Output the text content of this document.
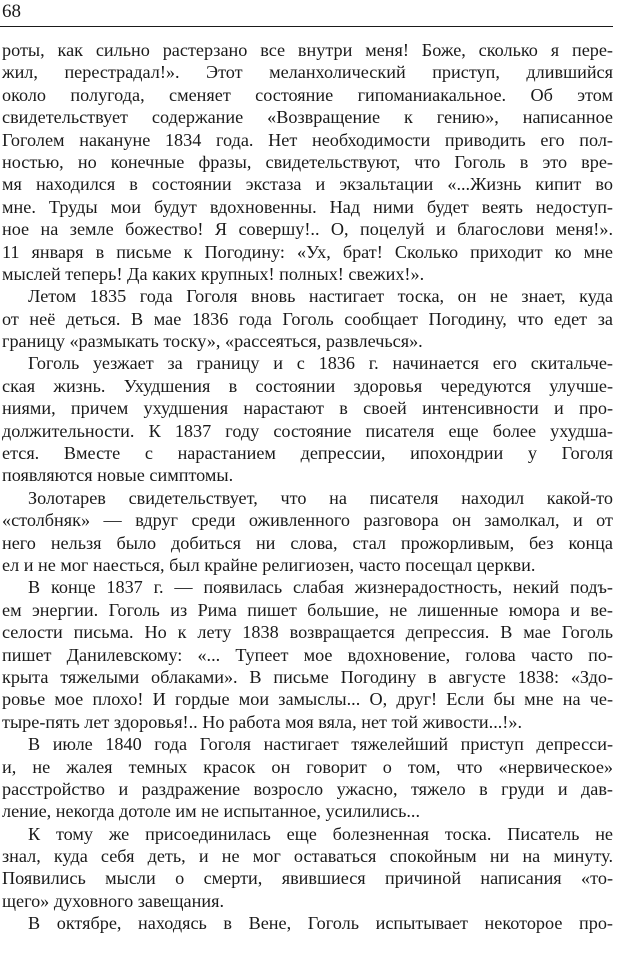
68
роты, как сильно растерзано все внутри меня! Боже, сколько я пере-
жил, перестрадал!». Этот меланхолический приступ, длившийся
около полугода, сменяет состояние гипоманиакальное. Об этом
свидетельствует содержание «Возвращение к гению», написанное
Гоголем накануне 1834 года. Нет необходимости приводить его пол-
ностью, но конечные фразы, свидетельствуют, что Гоголь в это вре-
мя находился в состоянии экстаза и экзальтации «...Жизнь кипит во
мне. Труды мои будут вдохновенны. Над ними будет веять недоступ-
ное на земле божество! Я совершу!.. О, поцелуй и благослови меня!».
11 января в письме к Погодину: «Ух, брат! Сколько приходит ко мне
мыслей теперь! Да каких крупных! полных! свежих!».
Летом 1835 года Гоголя вновь настигает тоска, он не знает, куда
от неё деться. В мае 1836 года Гоголь сообщает Погодину, что едет за
границу «размыкать тоску», «рассеяться, развлечься».
Гоголь уезжает за границу и с 1836 г. начинается его скитальче-
ская жизнь. Ухудшения в состоянии здоровья чередуются улучше-
ниями, причем ухудшения нарастают в своей интенсивности и про-
должительности. К 1837 году состояние писателя еще более ухудша-
ется. Вместе с нарастанием депрессии, ипохондрии у Гоголя
появляются новые симптомы.
Золотарев свидетельствует, что на писателя находил какой-то
«столбняк» — вдруг среди оживленного разговора он замолкал, и от
него нельзя было добиться ни слова, стал прожорливым, без конца
ел и не мог наесться, был крайне религиозен, часто посещал церкви.
В конце 1837 г. — появилась слабая жизнерадостность, некий подъ-
ем энергии. Гоголь из Рима пишет большие, не лишенные юмора и ве-
селости письма. Но к лету 1838 возвращается депрессия. В мае Гоголь
пишет Данилевскому: «... Тупеет мое вдохновение, голова часто по-
крыта тяжелыми облаками». В письме Погодину в августе 1838: «Здо-
ровье мое плохо! И гордые мои замыслы... О, друг! Если бы мне на че-
тыре-пять лет здоровья!.. Но работа моя вяла, нет той живости...!».
В июле 1840 года Гоголя настигает тяжелейший приступ депресси-
и, не жалея темных красок он говорит о том, что «нервическое»
расстройство и раздражение возросло ужасно, тяжело в груди и дав-
ление, некогда дотоле им не испытанное, усилились...
К тому же присоединилась еще болезненная тоска. Писатель не
знал, куда себя деть, и не мог оставаться спокойным ни на минуту.
Появились мысли о смерти, явившиеся причиной написания «то-
щего» духовного завещания.
В октябре, находясь в Вене, Гоголь испытывает некоторое про-
